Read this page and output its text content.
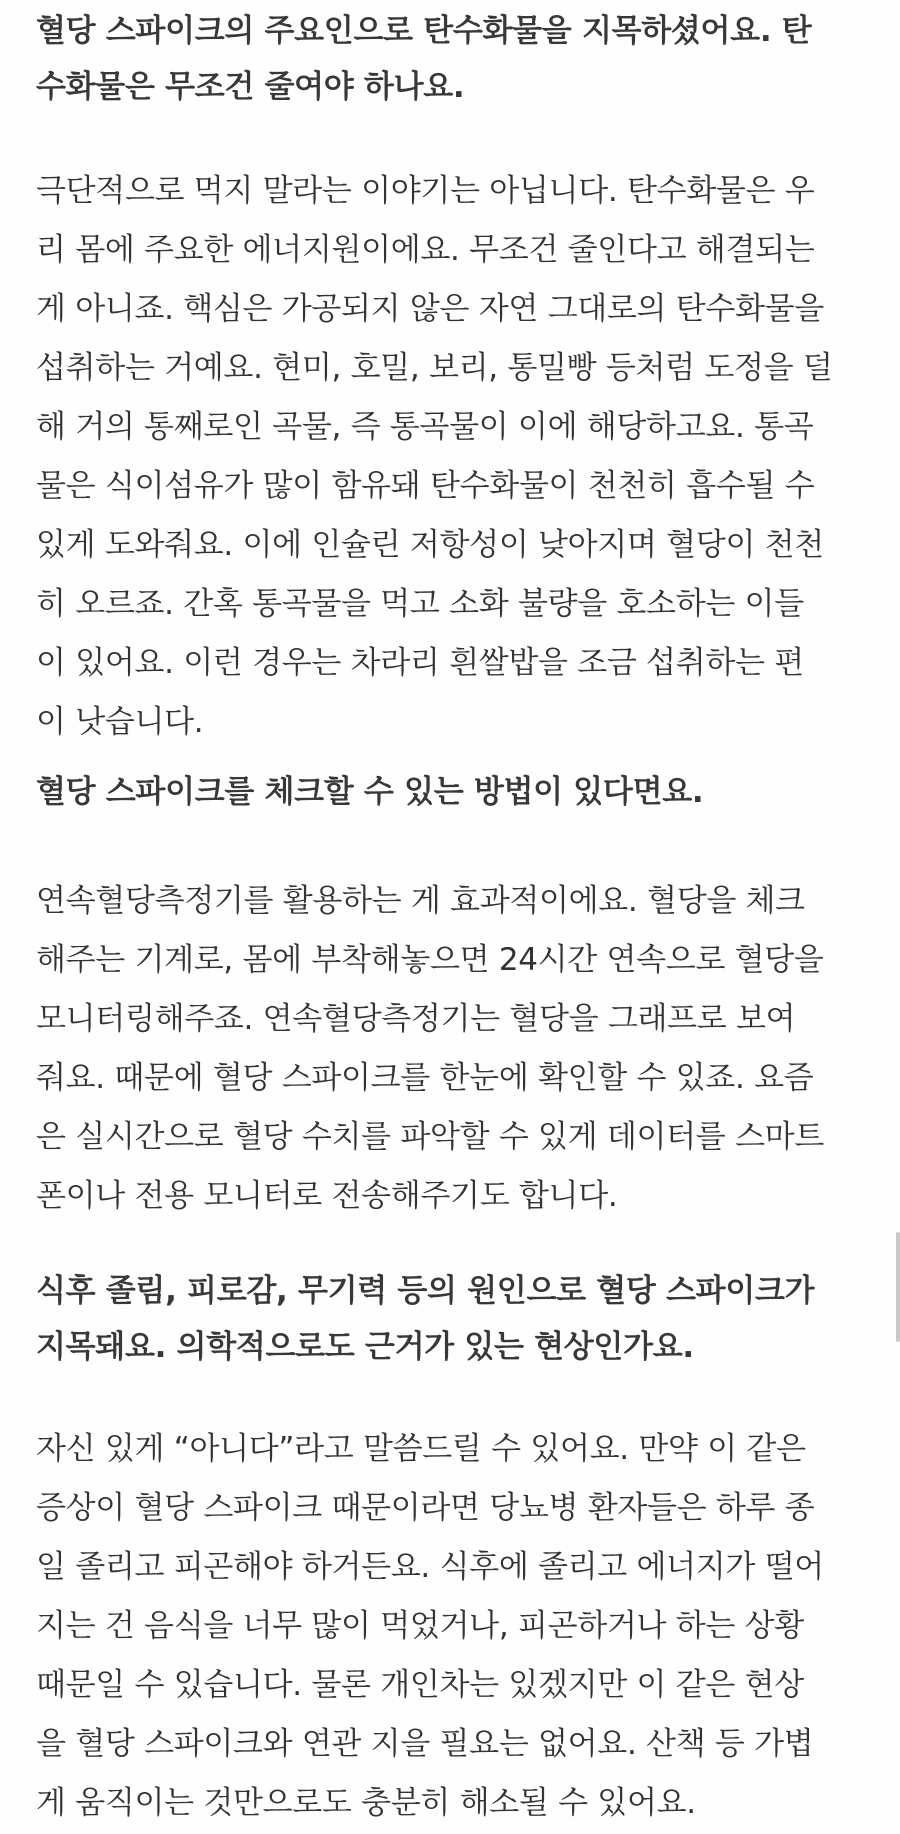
혈당 스파이크의 주요인으로 탄수화물을 지목하셨어요. 탄
수화물은 무조건 줄여야 하나요.

극단적으로 먹지 말라는 이야기는 아닙니다. 탄수화물은 우
리 몸에 주요한 에너지원이에요. 무조건 줄인다고 해결되는
게 아니죠. 핵심은 가공되지 않은 자연 그대로의 탄수화물을
섭취하는 거예요. 현미, 호밀, 보리, 통밀빵 등처럼 도정을 덜
해 거의 통째로인 곡물, 즉 통곡물이 이에 해당하고요. 통곡
물은 식이섬유가 많이 함유돼 탄수화물이 천천히 흡수될 수
있게 도와줘요. 이에 인슐린 저항성이 낮아지며 혈당이 천천
히 오르죠. 간혹 통곡물을 먹고 소화 불량을 호소하는 이들
이 있어요. 이런 경우는 차라리 흰쌀밥을 조금 섭취하는 편
이 낫습니다.

혈당 스파이크를 체크할 수 있는 방법이 있다면요.

연속혈당측정기를 활용하는 게 효과적이에요. 혈당을 체크
해주는 기계로, 몸에 부착해놓으면 24시간 연속으로 혈당을
모니터링해주죠. 연속혈당측정기는 혈당을 그래프로 보여
줘요. 때문에 혈당 스파이크를 한눈에 확인할 수 있죠. 요즘
은 실시간으로 혈당 수치를 파악할 수 있게 데이터를 스마트
폰이나 전용 모니터로 전송해주기도 합니다.

식후 졸림, 피로감, 무기력 등의 원인으로 혈당 스파이크가
지목돼요. 의학적으로도 근거가 있는 현상인가요.

자신 있게 “아니다”라고 말씀드릴 수 있어요. 만약 이 같은
증상이 혈당 스파이크 때문이라면 당뇨병 환자들은 하루 종
일 졸리고 피곤해야 하거든요. 식후에 졸리고 에너지가 떨어
지는 건 음식을 너무 많이 먹었거나, 피곤하거나 하는 상황
때문일 수 있습니다. 물론 개인차는 있겠지만 이 같은 현상
을 혈당 스파이크와 연관 지을 필요는 없어요. 산책 등 가볍
게 움직이는 것만으로도 충분히 해소될 수 있어요.
